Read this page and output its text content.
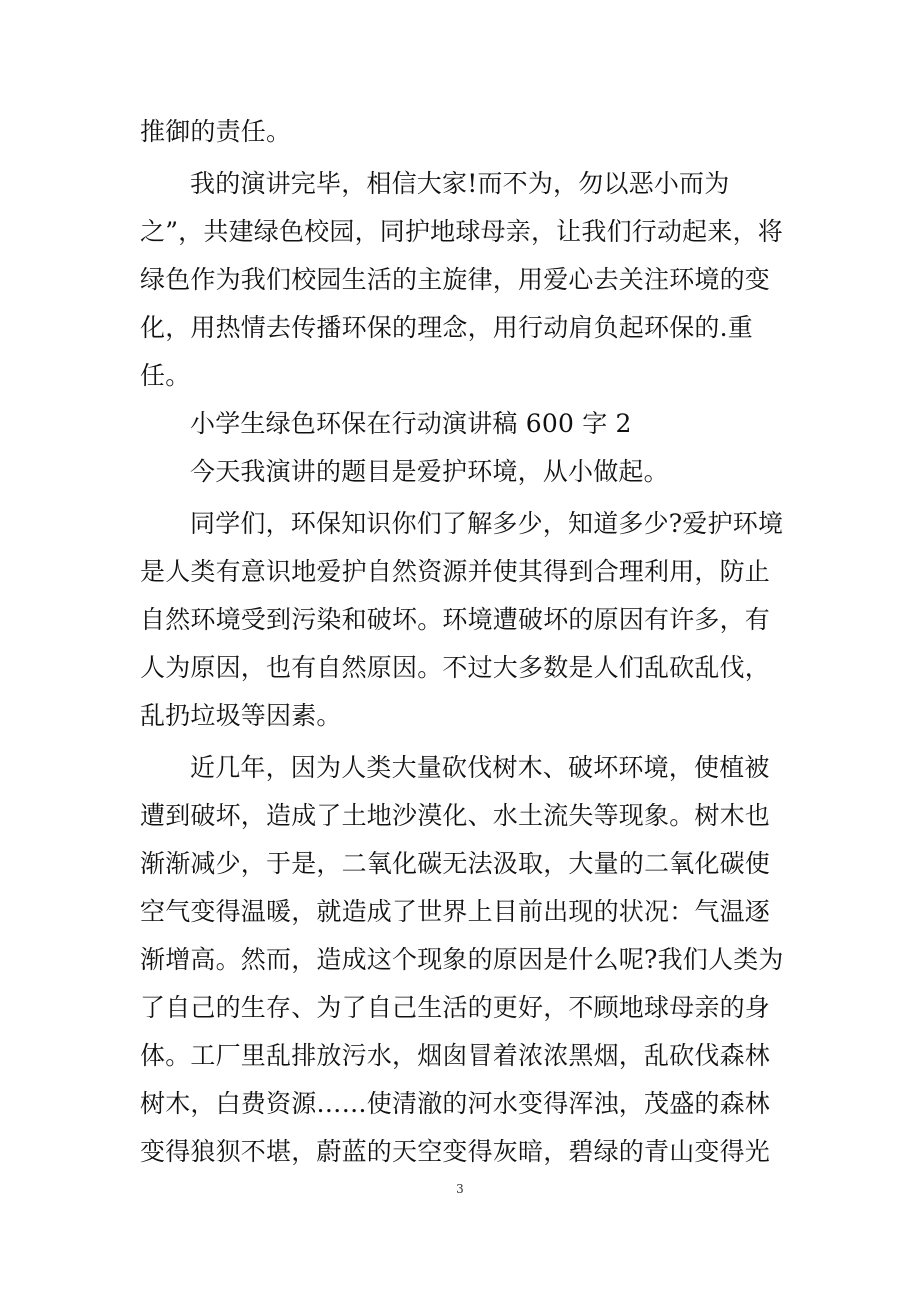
推御的责任。
我的演讲完毕，相信大家!而不为，勿以恶小而为
之”，共建绿色校园，同护地球母亲，让我们行动起来，将
绿色作为我们校园生活的主旋律，用爱心去关注环境的变
化，用热情去传播环保的理念，用行动肩负起环保的.重
任。
小学生绿色环保在行动演讲稿 600 字 2
今天我演讲的题目是爱护环境，从小做起。
同学们，环保知识你们了解多少，知道多少?爱护环境
是人类有意识地爱护自然资源并使其得到合理利用，防止
自然环境受到污染和破坏。环境遭破坏的原因有许多，有
人为原因，也有自然原因。不过大多数是人们乱砍乱伐，
乱扔垃圾等因素。
近几年，因为人类大量砍伐树木、破坏环境，使植被
遭到破坏，造成了土地沙漠化、水土流失等现象。树木也
渐渐减少，于是，二氧化碳无法汲取，大量的二氧化碳使
空气变得温暖，就造成了世界上目前出现的状况：气温逐
渐增高。然而，造成这个现象的原因是什么呢?我们人类为
了自己的生存、为了自己生活的更好，不顾地球母亲的身
体。工厂里乱排放污水，烟囱冒着浓浓黑烟，乱砍伐森林
树木，白费资源……使清澈的河水变得浑浊，茂盛的森林
变得狼狈不堪，蔚蓝的天空变得灰暗，碧绿的青山变得光
3
